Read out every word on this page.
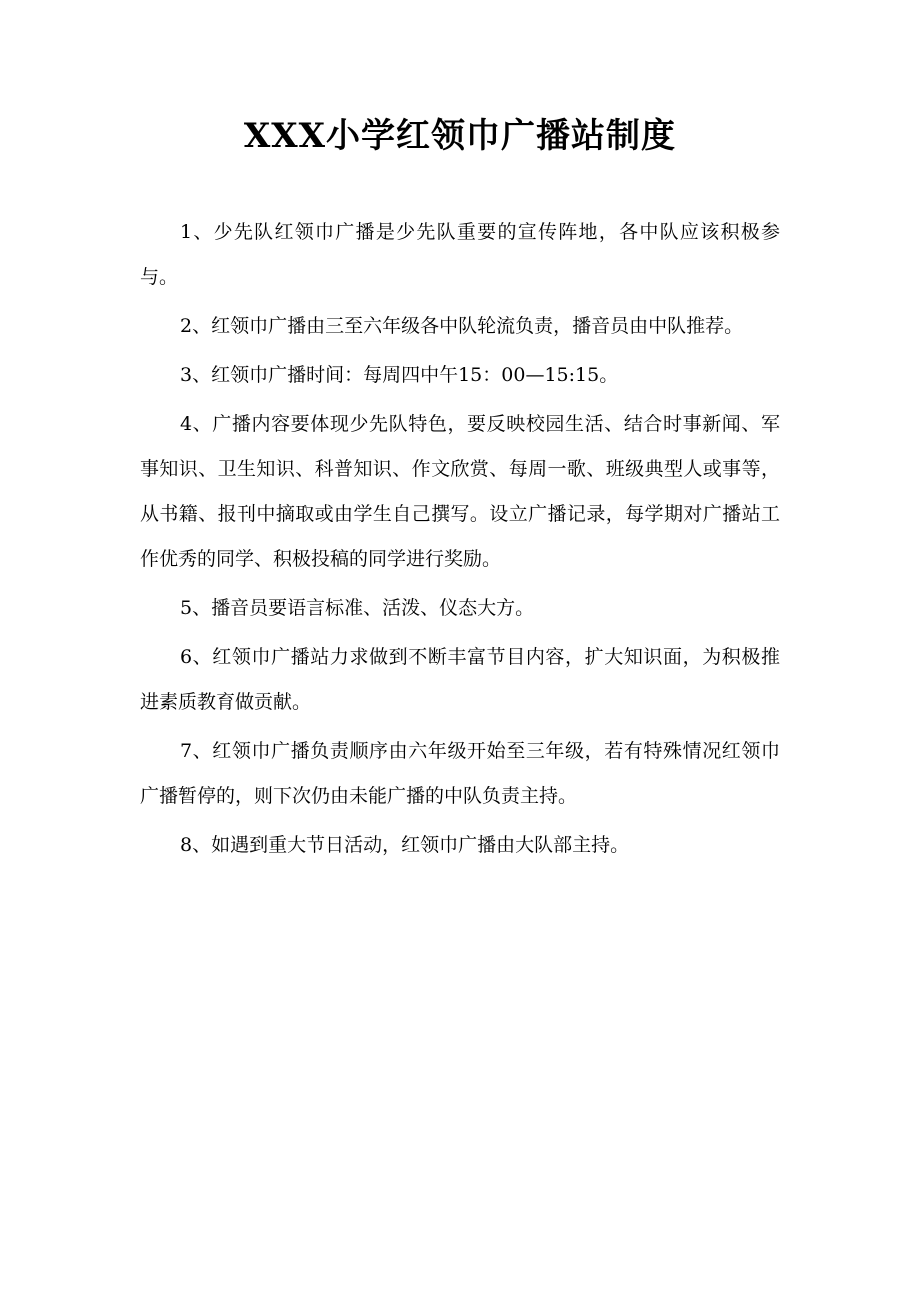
XXX小学红领巾广播站制度

1、少先队红领巾广播是少先队重要的宣传阵地，各中队应该积极参与。

2、红领巾广播由三至六年级各中队轮流负责，播音员由中队推荐。

3、红领巾广播时间：每周四中午15：00—15:15。

4、广播内容要体现少先队特色，要反映校园生活、结合时事新闻、军事知识、卫生知识、科普知识、作文欣赏、每周一歌、班级典型人或事等，从书籍、报刊中摘取或由学生自己撰写。设立广播记录，每学期对广播站工作优秀的同学、积极投稿的同学进行奖励。

5、播音员要语言标准、活泼、仪态大方。

6、红领巾广播站力求做到不断丰富节目内容，扩大知识面，为积极推进素质教育做贡献。

7、红领巾广播负责顺序由六年级开始至三年级，若有特殊情况红领巾广播暂停的，则下次仍由未能广播的中队负责主持。

8、如遇到重大节日活动，红领巾广播由大队部主持。
